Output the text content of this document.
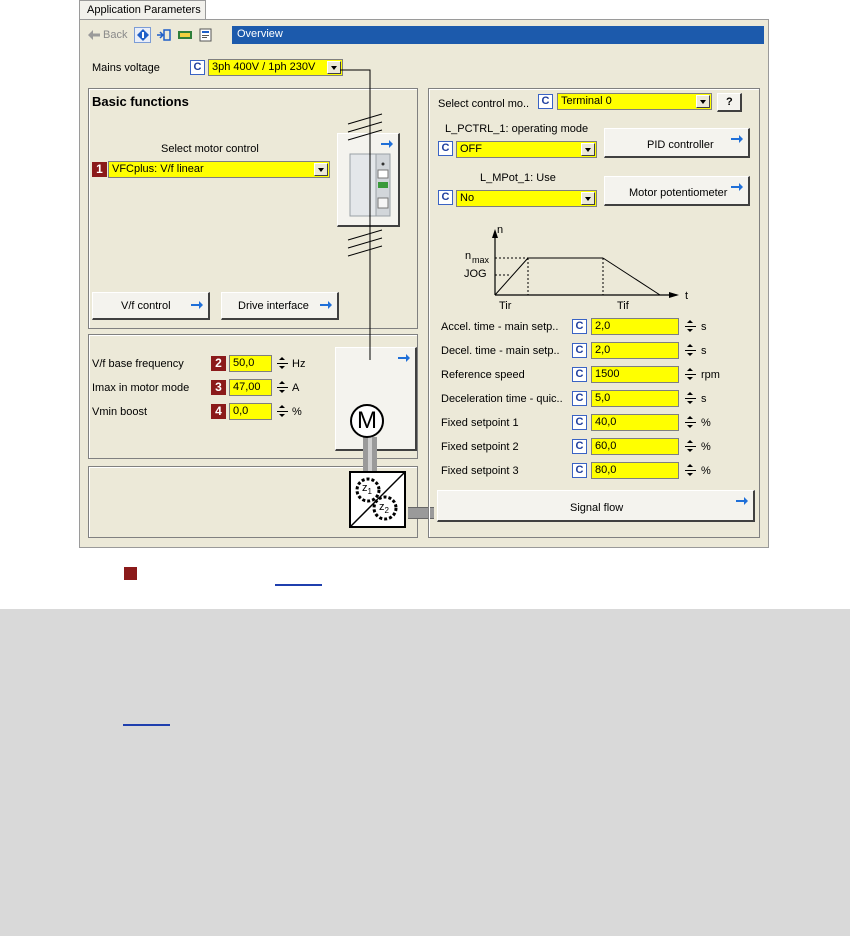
Application Parameters
Back	Overview
Mains voltage	C 3ph 400V / 1ph 230V
Basic functions
Select motor control
1 VFCplus: V/f linear
V/f control	Drive interface
V/f base frequency	2	50,0	Hz
Imax in motor mode	3	47,00	A
Vmin boost	4	0,0	% M
$z_1$
$z_2$
Select control mo..	C	Terminal 0	?
L_PCTRL_1: operating mode
C OFF	PID controller
L_MPot_1: Use
C No	Motor potentiometer
n
t
n max
JOG
Tir	Tif
Accel. time - main setp..	C	2,0	s
Decel. time - main setp..	C	2,0	s
Reference speed	C	1500	rpm
Deceleration time - quic..	C	5,0	s
Fixed setpoint 1	C	40,0	%
Fixed setpoint 2	C	60,0	%
Fixed setpoint 3	C	80,0	%
Signal flow
